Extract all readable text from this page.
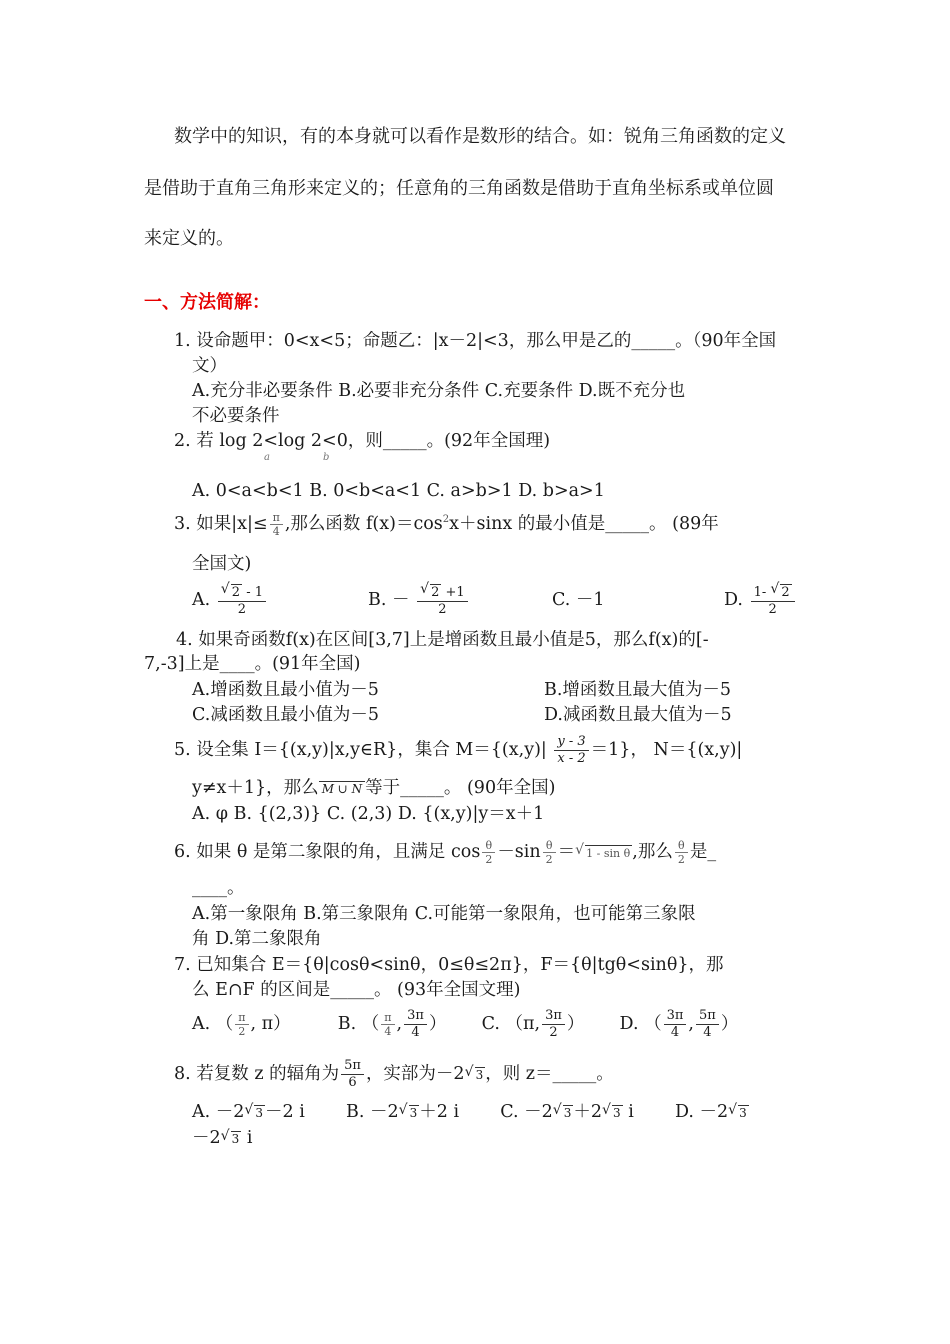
数学中的知识，有的本身就可以看作是数形的结合。如：锐角三角函数的定义
是借助于直角三角形来定义的；任意角的三角函数是借助于直角坐标系或单位圆
来定义的。
一、方法简解：
1. 设命题甲：0<x<5；命题乙：|x－2|<3，那么甲是乙的_____。（90年全国
文）
A.充分非必要条件 B.必要非充分条件 C.充要条件 D.既不充分也
不必要条件
2. 若 log 2<log 2<0，则_____。(92年全国理)
a	b
A. 0<a<b<1 B. 0<b<a<1 C. a>b>1 D. b>a>1
3. 如果$|x|\le \frac{\pi}{4}$ ,那么函数 $f(x)=\cos^2x+\sin x$ 的最小值是_____。 (89年
全国文)
A. √ $\frac{2 - 1}{2}$	B. － √ $\frac{2 +1}{2}$	C. －1	D. $\frac{1- √ 2}{2}$
4. 如果奇函数f(x)在区间[3,7]上是增函数且最小值是5，那么f(x)的[-
7,-3]上是____。(91年全国)
A.增函数且最小值为－5	B.增函数且最大值为－5
C.减函数且最小值为－5	D.减函数且最大值为－5
5. 设全集 I＝{(x,y)|x,y∈R}，集合 $M=\{(x,y)| \frac{y - 3}{x - 2} =1\}$， N＝{(x,y)|
y≠x＋1}，那么 M ∪ N 等于_____。 (90年全国)
A. φ B. {(2,3)} C. (2,3) D. {(x,y)|y＝x＋1
6. 如果 θ 是第二象限的角，且满足 $\cos \frac{\theta}{2} -\sin \frac{\theta}{2}$ ＝ √ 1 - sin θ ,那么 $\frac{\theta}{2}$ 是_
____。
A.第一象限角 B.第三象限角 C.可能第一象限角，也可能第三象限
角 D.第二象限角
7. 已知集合 E＝{θ|cosθ<sinθ，0≤θ≤2π}，F＝{θ|tgθ<sinθ}，那
么 E∩F 的区间是_____。 (93年全国文理)
A. （ $\frac{\pi}{2}$ , π）	B. （ $\frac{\pi}{4}$ , $\frac{3\pi}{4}$ ） C. （π, $\frac{3\pi}{2}$ ） D. （ $\frac{3\pi}{4}$ , $\frac{5\pi}{4}$ ）
8. 若复数 z 的辐角为 $\frac{5\pi}{6}$ ，实部为－2 √ 3 ，则 z＝_____。
A. －2 √ 3 －2 i B. －2 √ 3 ＋2 i C. －2 √ 3 ＋2 √ 3 i D. －2 √ 3
－2 √ 3 i
